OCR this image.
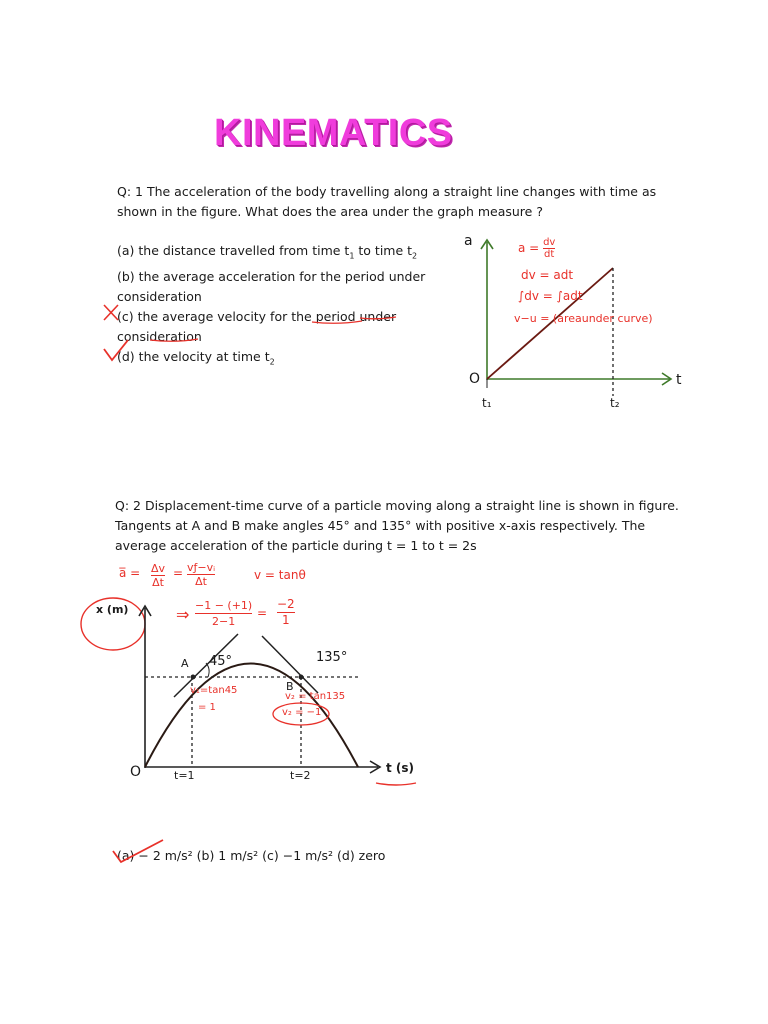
KINEMATICS
Q: 1 The acceleration of the body travelling along a straight line changes with time as
shown in the figure. What does the area under the graph measure ?
(a) the distance travelled from time $t_1$ to time $t_2$
(b) the average acceleration for the period under
consideration
(c) the average velocity for the period under
consideration
(d) the velocity at time $t_2$
a
t
O
t₁	t₂
$a = \frac{dv}{dt}$
dv = adt
∫dv = ∫adt
v−u = (areaunder curve)
Q: 2 Displacement-time curve of a particle moving along a straight line is shown in figure.
Tangents at A and B make angles 45° and 135° with positive x-axis respectively. The
average acceleration of the particle during t = 1 to t = 2s
a̅ = Δv
Δt
= vƒ−vᵢ
Δt	v = tanθ
⇒ −1 − (+1)
2−1
=
−2
1
x (m)
t (s)
O
A
B
45°	135°
t=1	t=2
v₁=tan45
= 1
v₂ = tan135
v₂ = −1
(a) − 2 m/s² (b) 1 m/s² (c) −1 m/s² (d) zero
